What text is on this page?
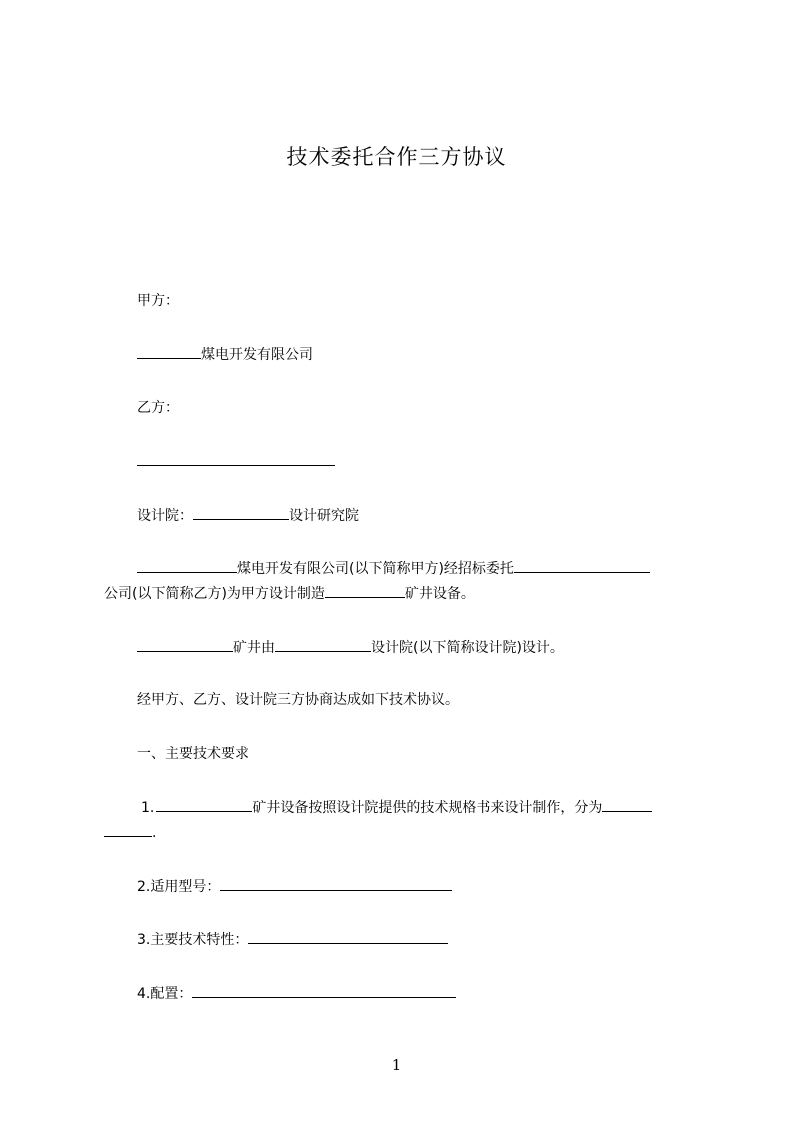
技术委托合作三方协议
甲方：
煤电开发有限公司
乙方：
设计院：	设计研究院
煤电开发有限公司(以下简称甲方)经招标委托
公司(以下简称乙方)为甲方设计制造	矿井设备。
矿井由	设计院(以下简称设计院)设计。
经甲方、乙方、设计院三方协商达成如下技术协议。
一、主要技术要求
1.	矿井设备按照设计院提供的技术规格书来设计制作，分为
.
2.适用型号：
3.主要技术特性：
4.配置：
1
